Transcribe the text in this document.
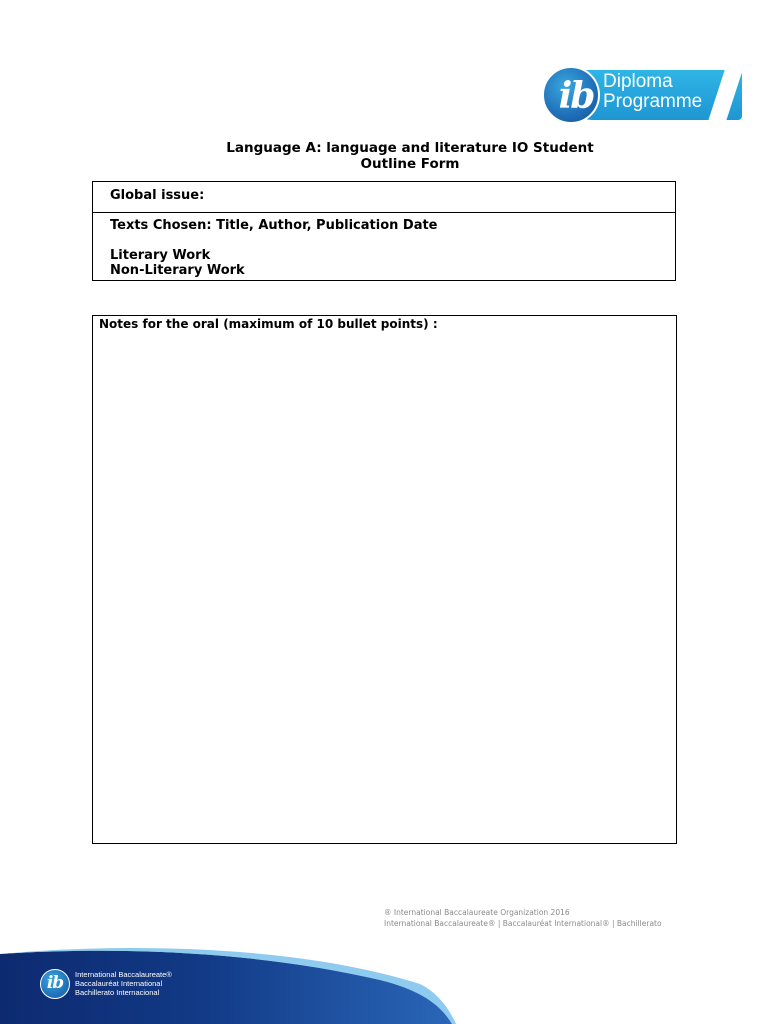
ib Diploma
Programme
Language A: language and literature IO Student
Outline Form
Global issue:
Texts Chosen: Title, Author, Publication Date
Literary Work
Non-Literary Work
Notes for the oral (maximum of 10 bullet points) :
® International Baccalaureate Organization 2016
International Baccalaureate® | Baccalauréat International® | Bachillerato
ib	International Baccalaureate®
Baccalauréat International
Bachillerato Internacional
